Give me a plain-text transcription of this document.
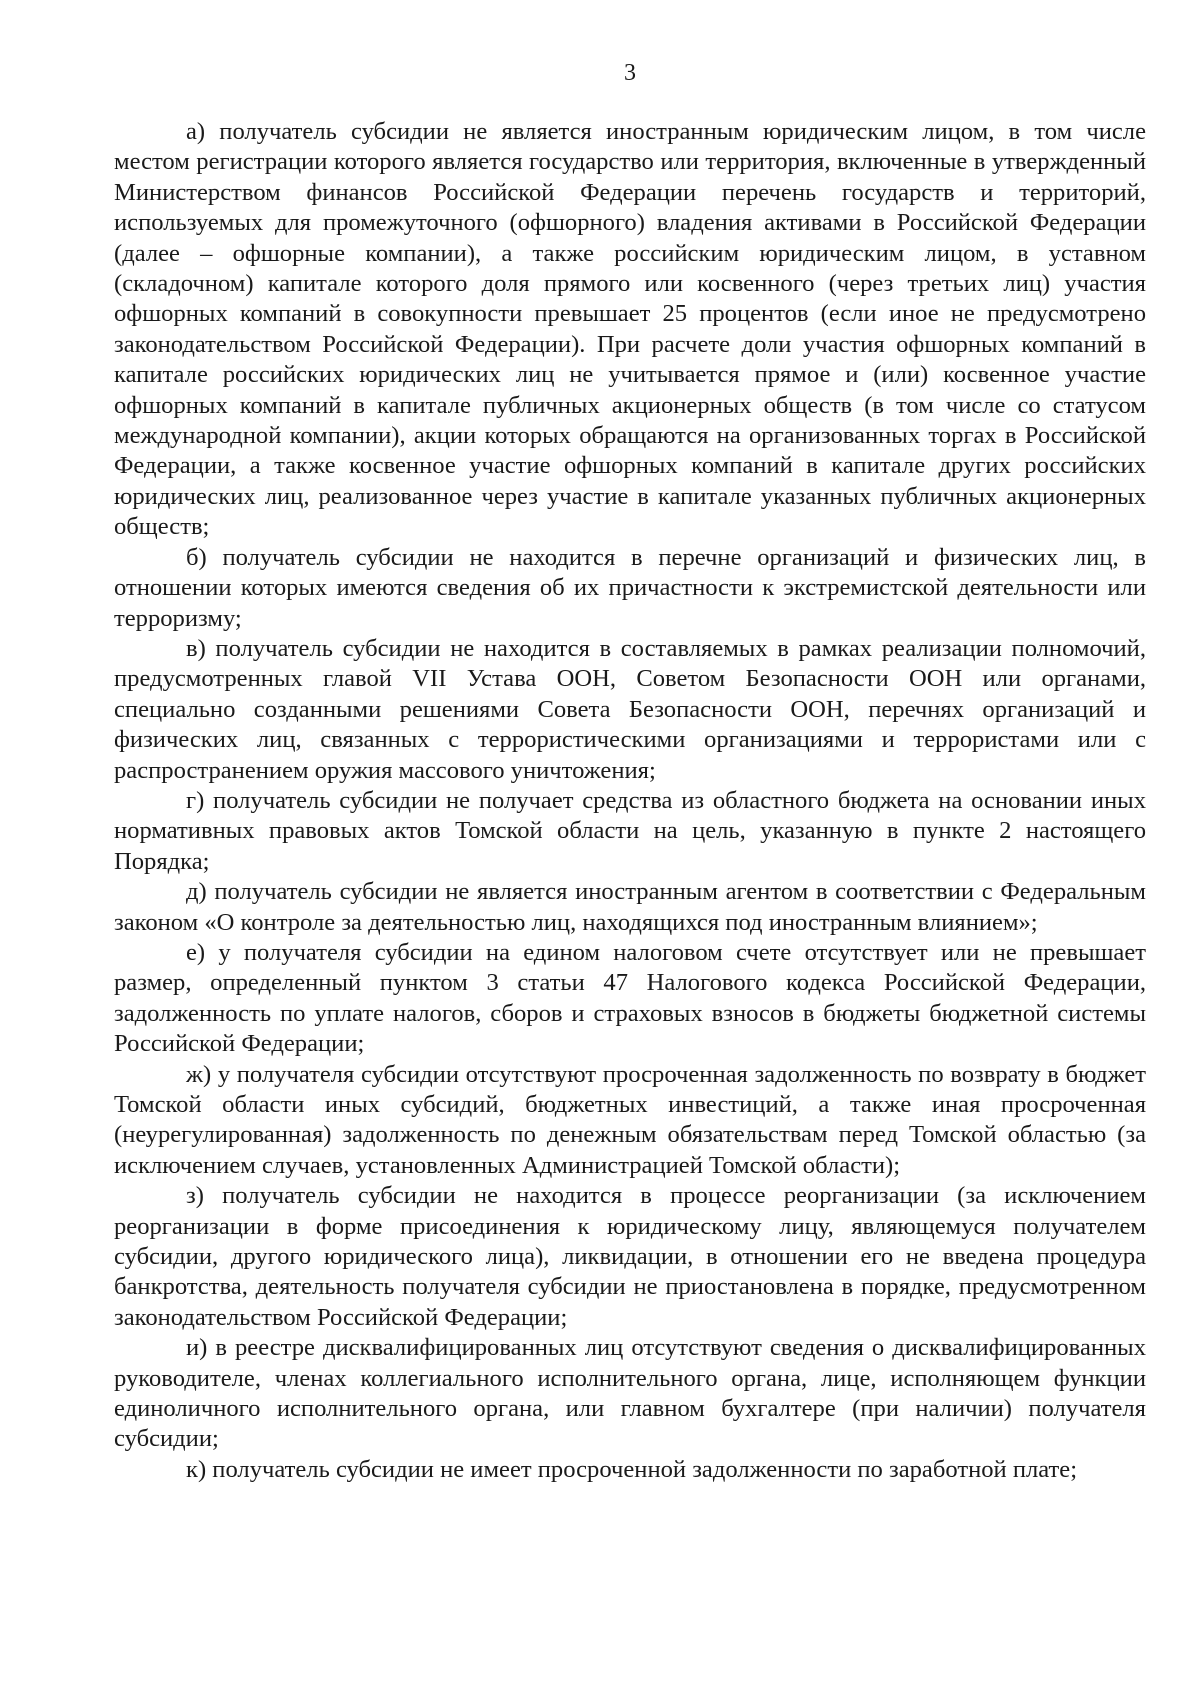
3

а) получатель субсидии не является иностранным юридическим лицом, в том числе местом регистрации которого является государство или территория, включенные в утвержденный Министерством финансов Российской Федерации перечень государств и территорий, используемых для промежуточного (офшорного) владения активами в Российской Федерации (далее – офшорные компании), а также российским юридическим лицом, в уставном (складочном) капитале которого доля прямого или косвенного (через третьих лиц) участия офшорных компаний в совокупности превышает 25 процентов (если иное не предусмотрено законодательством Российской Федерации). При расчете доли участия офшорных компаний в капитале российских юридических лиц не учитывается прямое и (или) косвенное участие офшорных компаний в капитале публичных акционерных обществ (в том числе со статусом международной компании), акции которых обращаются на организованных торгах в Российской Федерации, а также косвенное участие офшорных компаний в капитале других российских юридических лиц, реализованное через участие в капитале указанных публичных акционерных обществ;

б) получатель субсидии не находится в перечне организаций и физических лиц, в отношении которых имеются сведения об их причастности к экстремистской деятельности или терроризму;

в) получатель субсидии не находится в составляемых в рамках реализации полномочий, предусмотренных главой VII Устава ООН, Советом Безопасности ООН или органами, специально созданными решениями Совета Безопасности ООН, перечнях организаций и физических лиц, связанных с террористическими организациями и террористами или с распространением оружия массового уничтожения;

г) получатель субсидии не получает средства из областного бюджета на основании иных нормативных правовых актов Томской области на цель, указанную в пункте 2 настоящего Порядка;

д) получатель субсидии не является иностранным агентом в соответствии с Федеральным законом «О контроле за деятельностью лиц, находящихся под иностранным влиянием»;

е) у получателя субсидии на едином налоговом счете отсутствует или не превышает размер, определенный пунктом 3 статьи 47 Налогового кодекса Российской Федерации, задолженность по уплате налогов, сборов и страховых взносов в бюджеты бюджетной системы Российской Федерации;

ж) у получателя субсидии отсутствуют просроченная задолженность по возврату в бюджет Томской области иных субсидий, бюджетных инвестиций, а также иная просроченная (неурегулированная) задолженность по денежным обязательствам перед Томской областью (за исключением случаев, установленных Администрацией Томской области);

з) получатель субсидии не находится в процессе реорганизации (за исключением реорганизации в форме присоединения к юридическому лицу, являющемуся получателем субсидии, другого юридического лица), ликвидации, в отношении его не введена процедура банкротства, деятельность получателя субсидии не приостановлена в порядке, предусмотренном законодательством Российской Федерации;

и) в реестре дисквалифицированных лиц отсутствуют сведения о дисквалифицированных руководителе, членах коллегиального исполнительного органа, лице, исполняющем функции единоличного исполнительного органа, или главном бухгалтере (при наличии) получателя субсидии;

к) получатель субсидии не имеет просроченной задолженности по заработной плате;
